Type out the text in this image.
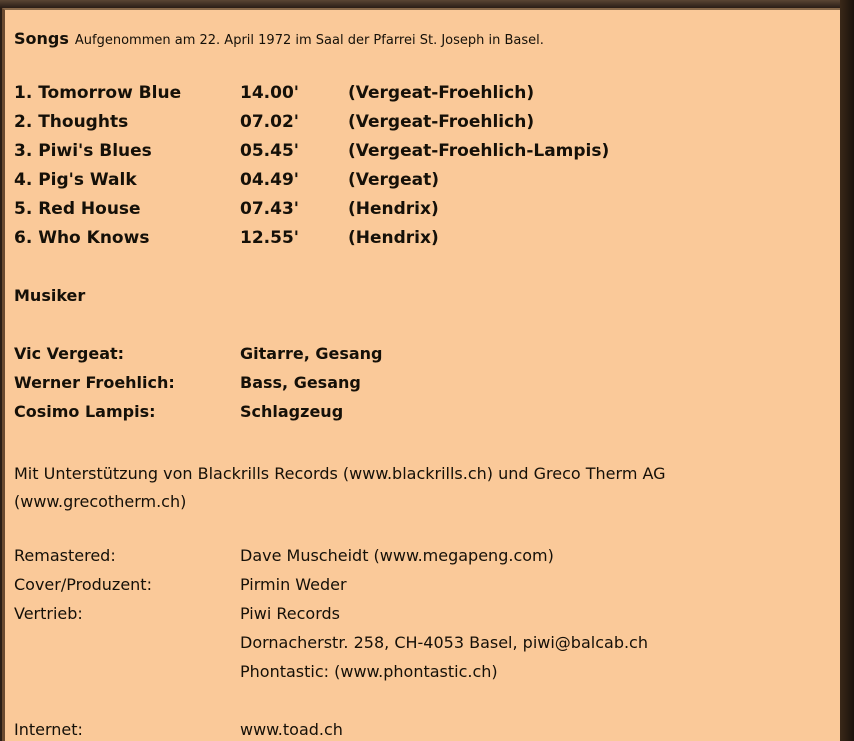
Songs Aufgenommen am 22. April 1972 im Saal der Pfarrei St. Joseph in Basel.
1. Tomorrow Blue	14.00'	(Vergeat-Froehlich)
2. Thoughts	07.02'	(Vergeat-Froehlich)
3. Piwi's Blues	05.45'	(Vergeat-Froehlich-Lampis)
4. Pig's Walk	04.49'	(Vergeat)
5. Red House	07.43'	(Hendrix)
6. Who Knows	12.55'	(Hendrix)
Musiker
Vic Vergeat:	Gitarre, Gesang
Werner Froehlich:	Bass, Gesang
Cosimo Lampis:	Schlagzeug
Mit Unterstützung von Blackrills Records (www.blackrills.ch) und Greco Therm AG (www.grecotherm.ch)
Remastered:	Dave Muscheidt (www.megapeng.com)
Cover/Produzent:	Pirmin Weder
Vertrieb:	Piwi Records
Dornacherstr. 258, CH-4053 Basel, piwi@balcab.ch
Phontastic: (www.phontastic.ch)
Internet:	www.toad.ch
